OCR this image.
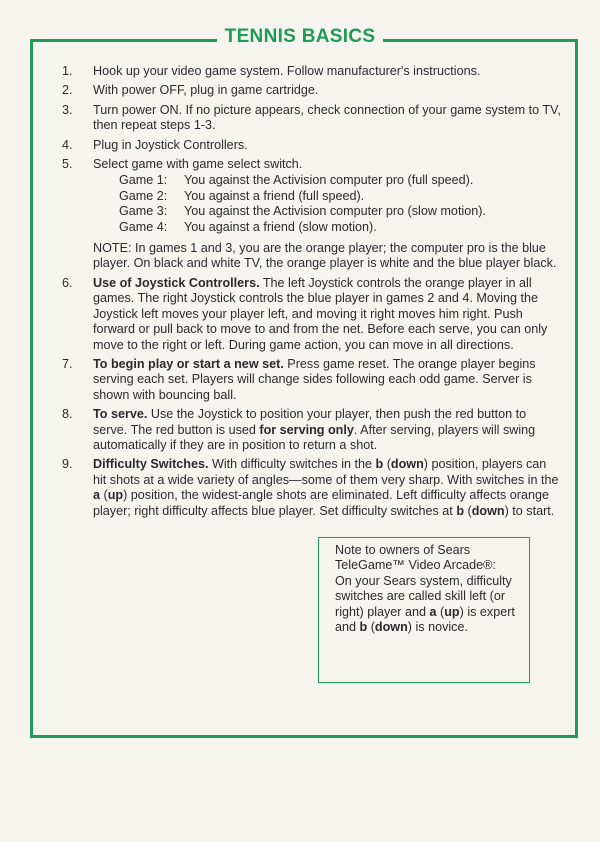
TENNIS BASICS
1.	Hook up your video game system. Follow manufacturer's instructions.
2.	With power OFF, plug in game cartridge.
3.	Turn power ON. If no picture appears, check connection of your game system to TV, then repeat steps 1-3.
4.	Plug in Joystick Controllers.
5.	Select game with game select switch.
Game 1:	You against the Activision computer pro (full speed).
Game 2:	You against a friend (full speed).
Game 3:	You against the Activision computer pro (slow motion).
Game 4:	You against a friend (slow motion).
NOTE: In games 1 and 3, you are the orange player; the computer pro is the blue player. On black and white TV, the orange player is white and the blue player black.
6.	Use of Joystick Controllers. The left Joystick controls the orange player in all games. The right Joystick controls the blue player in games 2 and 4. Moving the Joystick left moves your player left, and moving it right moves him right. Push forward or pull back to move to and from the net. Before each serve, you can only move to the right or left. During game action, you can move in all directions.
7.	To begin play or start a new set. Press game reset. The orange player begins serving each set. Players will change sides following each odd game. Server is shown with bouncing ball.
8.	To serve. Use the Joystick to position your player, then push the red button to serve. The red button is used for serving only. After serving, players will swing automatically if they are in position to return a shot.
9.	Difficulty Switches. With difficulty switches in the b (down) position, players can hit shots at a wide variety of angles—some of them very sharp. With switches in the a (up) position, the widest-angle shots are eliminated. Left difficulty affects orange player; right difficulty affects blue player. Set difficulty switches at b (down) to start.
Note to owners of Sears TeleGame™ Video Arcade®:
On your Sears system, difficulty switches are called skill left (or right) player and a (up) is expert and b (down) is novice.
